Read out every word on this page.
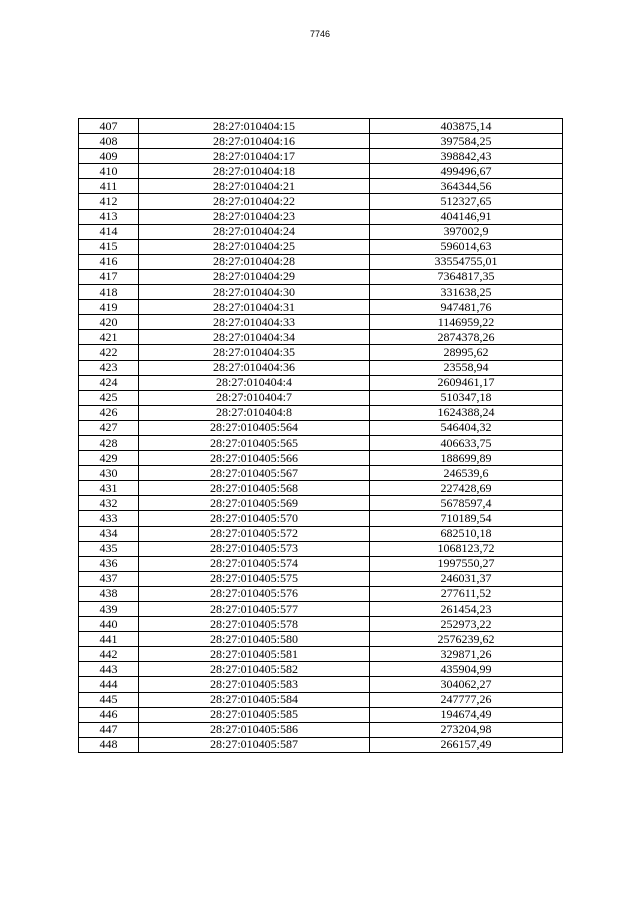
7746
407	28:27:010404:15	403875,14
408	28:27:010404:16	397584,25
409	28:27:010404:17	398842,43
410	28:27:010404:18	499496,67
411	28:27:010404:21	364344,56
412	28:27:010404:22	512327,65
413	28:27:010404:23	404146,91
414	28:27:010404:24	397002,9
415	28:27:010404:25	596014,63
416	28:27:010404:28	33554755,01
417	28:27:010404:29	7364817,35
418	28:27:010404:30	331638,25
419	28:27:010404:31	947481,76
420	28:27:010404:33	1146959,22
421	28:27:010404:34	2874378,26
422	28:27:010404:35	28995,62
423	28:27:010404:36	23558,94
424	28:27:010404:4	2609461,17
425	28:27:010404:7	510347,18
426	28:27:010404:8	1624388,24
427	28:27:010405:564	546404,32
428	28:27:010405:565	406633,75
429	28:27:010405:566	188699,89
430	28:27:010405:567	246539,6
431	28:27:010405:568	227428,69
432	28:27:010405:569	5678597,4
433	28:27:010405:570	710189,54
434	28:27:010405:572	682510,18
435	28:27:010405:573	1068123,72
436	28:27:010405:574	1997550,27
437	28:27:010405:575	246031,37
438	28:27:010405:576	277611,52
439	28:27:010405:577	261454,23
440	28:27:010405:578	252973,22
441	28:27:010405:580	2576239,62
442	28:27:010405:581	329871,26
443	28:27:010405:582	435904,99
444	28:27:010405:583	304062,27
445	28:27:010405:584	247777,26
446	28:27:010405:585	194674,49
447	28:27:010405:586	273204,98
448	28:27:010405:587	266157,49
